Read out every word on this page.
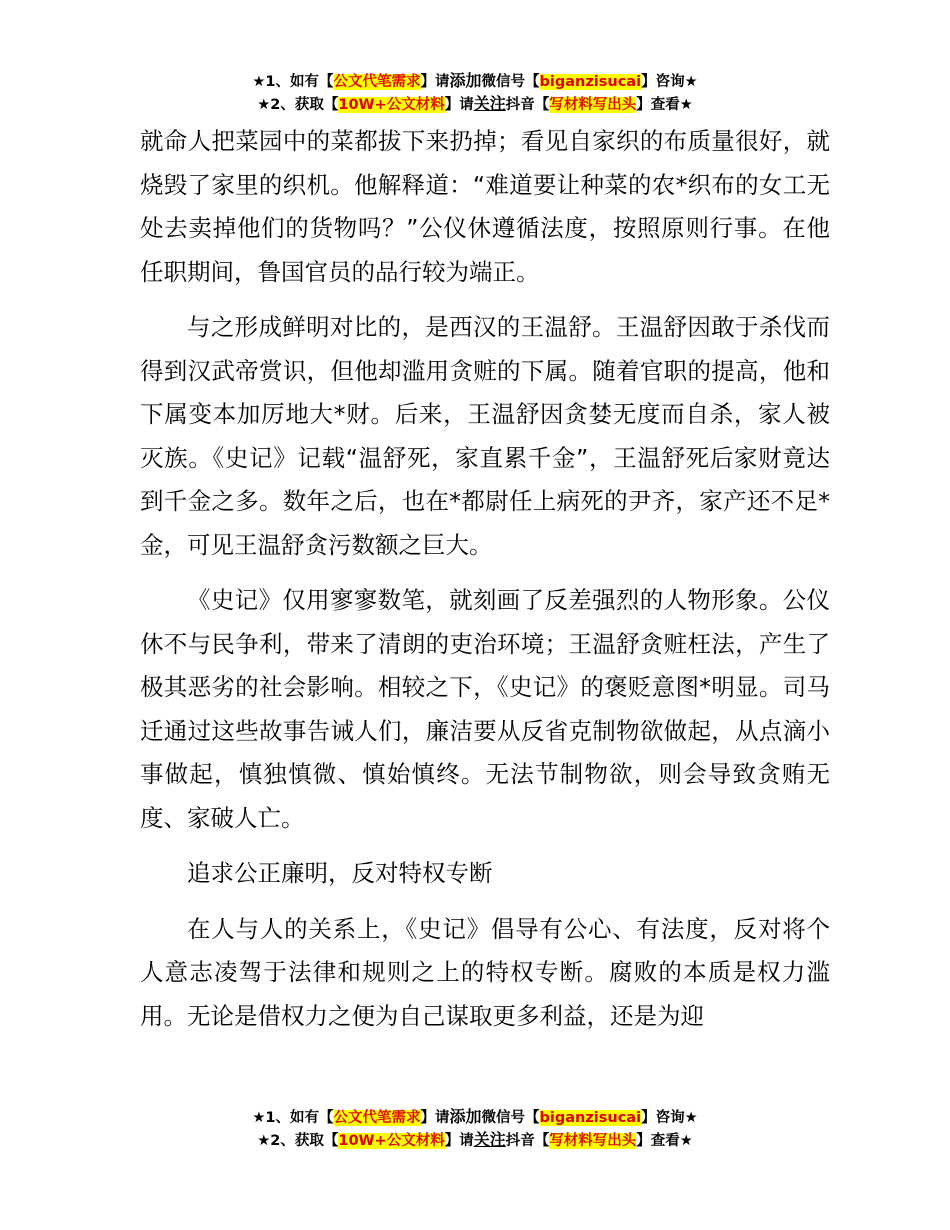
★1、如有【公文代笔需求】请添加微信号【biganzisucai】咨询★
★2、获取【10W+公文材料】请关注抖音【写材料写出头】查看★

就命人把菜园中的菜都拔下来扔掉；看见自家织的布质量很好，就烧毁了家里的织机。他解释道：“难道要让种菜的农*织布的女工无处去卖掉他们的货物吗？”公仪休遵循法度，按照原则行事。在他任职期间，鲁国官员的品行较为端正。

与之形成鲜明对比的，是西汉的王温舒。王温舒因敢于杀伐而得到汉武帝赏识，但他却滥用贪赃的下属。随着官职的提高，他和下属变本加厉地大*财。后来，王温舒因贪婪无度而自杀，家人被灭族。《史记》记载“温舒死，家直累千金”，王温舒死后家财竟达到千金之多。数年之后，也在*都尉任上病死的尹齐，家产还不足*金，可见王温舒贪污数额之巨大。

《史记》仅用寥寥数笔，就刻画了反差强烈的人物形象。公仪休不与民争利，带来了清朗的吏治环境；王温舒贪赃枉法，产生了极其恶劣的社会影响。相较之下，《史记》的褒贬意图*明显。司马迁通过这些故事告诫人们，廉洁要从反省克制物欲做起，从点滴小事做起，慎独慎微、慎始慎终。无法节制物欲，则会导致贪贿无度、家破人亡。

追求公正廉明，反对特权专断

在人与人的关系上，《史记》倡导有公心、有法度，反对将个人意志凌驾于法律和规则之上的特权专断。腐败的本质是权力滥用。无论是借权力之便为自己谋取更多利益，还是为迎

★1、如有【公文代笔需求】请添加微信号【biganzisucai】咨询★
★2、获取【10W+公文材料】请关注抖音【写材料写出头】查看★
